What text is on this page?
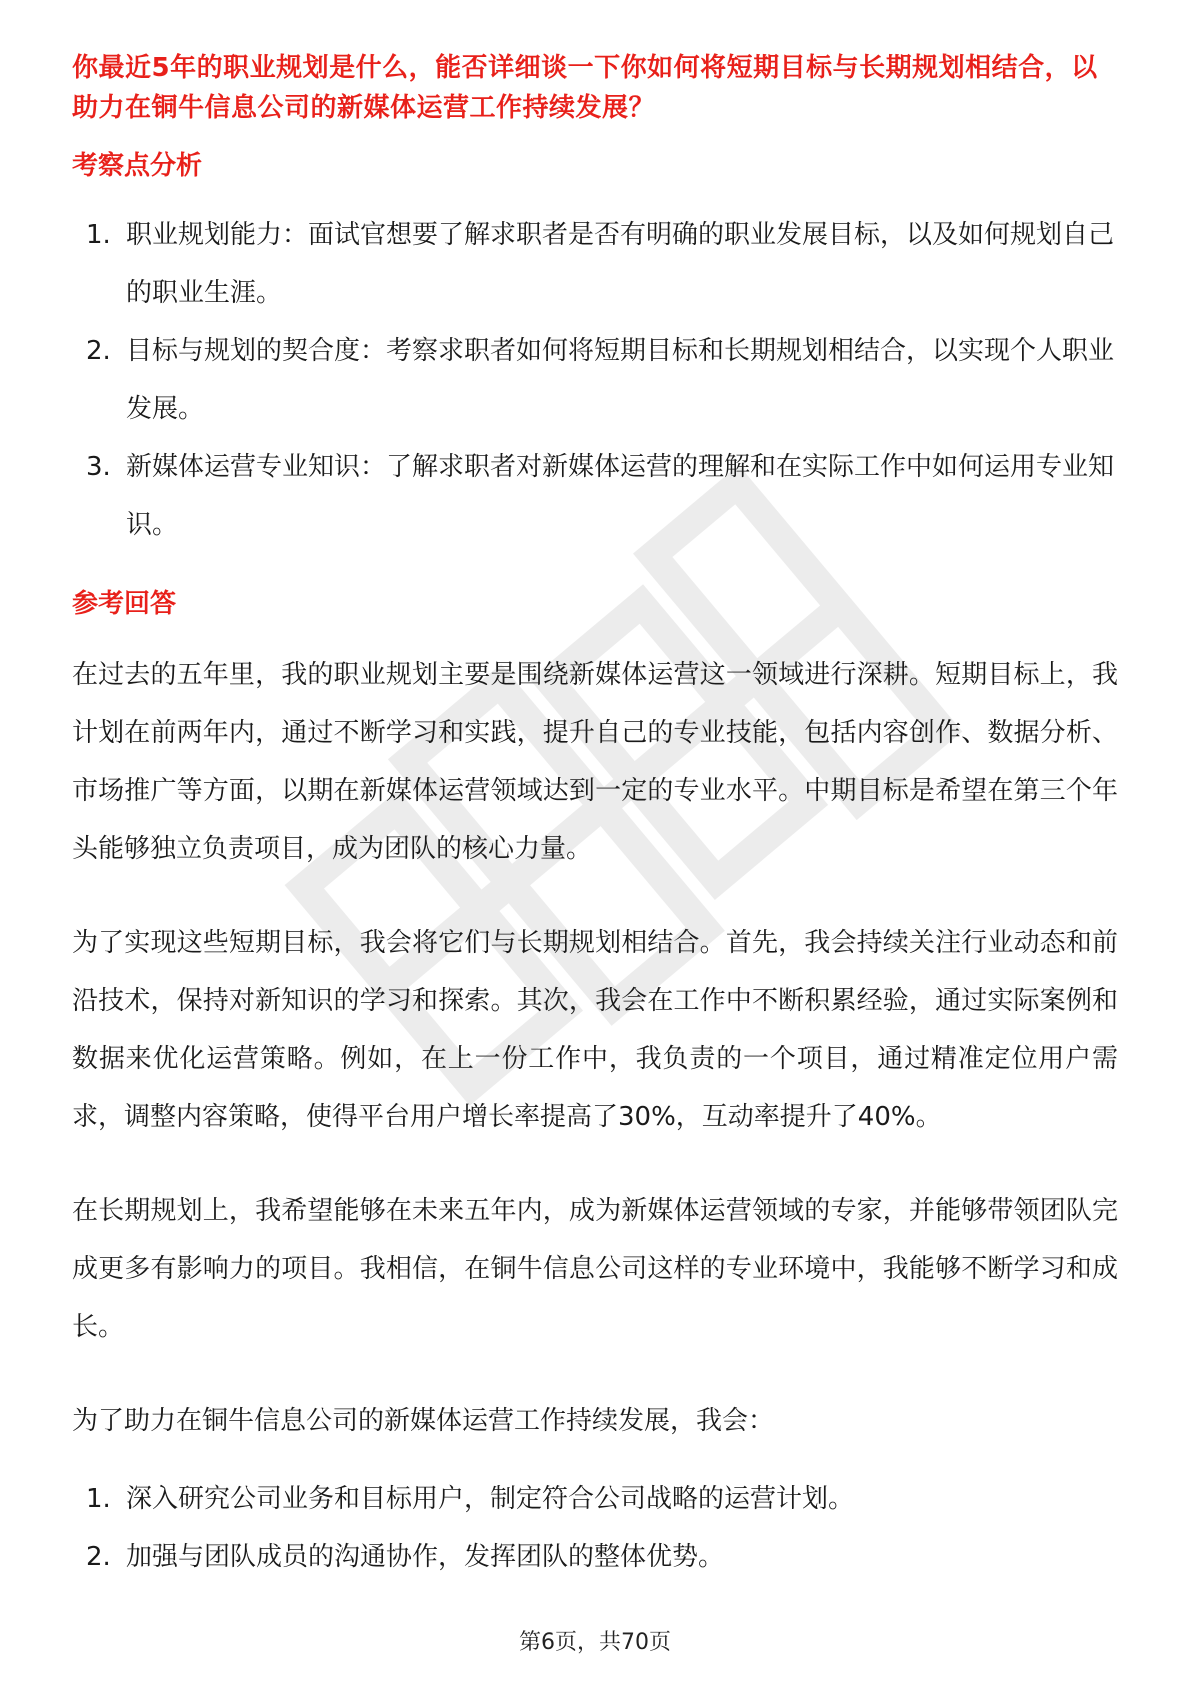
你最近5年的职业规划是什么，能否详细谈一下你如何将短期目标与长期规划相结合，以助力在铜牛信息公司的新媒体运营工作持续发展？
考察点分析
1. 职业规划能力：面试官想要了解求职者是否有明确的职业发展目标，以及如何规划自己的职业生涯。
2. 目标与规划的契合度：考察求职者如何将短期目标和长期规划相结合，以实现个人职业发展。
3. 新媒体运营专业知识：了解求职者对新媒体运营的理解和在实际工作中如何运用专业知识。
参考回答

在过去的五年里，我的职业规划主要是围绕新媒体运营这一领域进行深耕。短期目标上，我计划在前两年内，通过不断学习和实践，提升自己的专业技能，包括内容创作、数据分析、市场推广等方面，以期在新媒体运营领域达到一定的专业水平。中期目标是希望在第三个年头能够独立负责项目，成为团队的核心力量。

为了实现这些短期目标，我会将它们与长期规划相结合。首先，我会持续关注行业动态和前沿技术，保持对新知识的学习和探索。其次，我会在工作中不断积累经验，通过实际案例和数据来优化运营策略。例如，在上一份工作中，我负责的一个项目，通过精准定位用户需求，调整内容策略，使得平台用户增长率提高了30%，互动率提升了40%。

在长期规划上，我希望能够在未来五年内，成为新媒体运营领域的专家，并能够带领团队完成更多有影响力的项目。我相信，在铜牛信息公司这样的专业环境中，我能够不断学习和成长。

为了助力在铜牛信息公司的新媒体运营工作持续发展，我会：

1. 深入研究公司业务和目标用户，制定符合公司战略的运营计划。
2. 加强与团队成员的沟通协作，发挥团队的整体优势。
第6页，共70页
